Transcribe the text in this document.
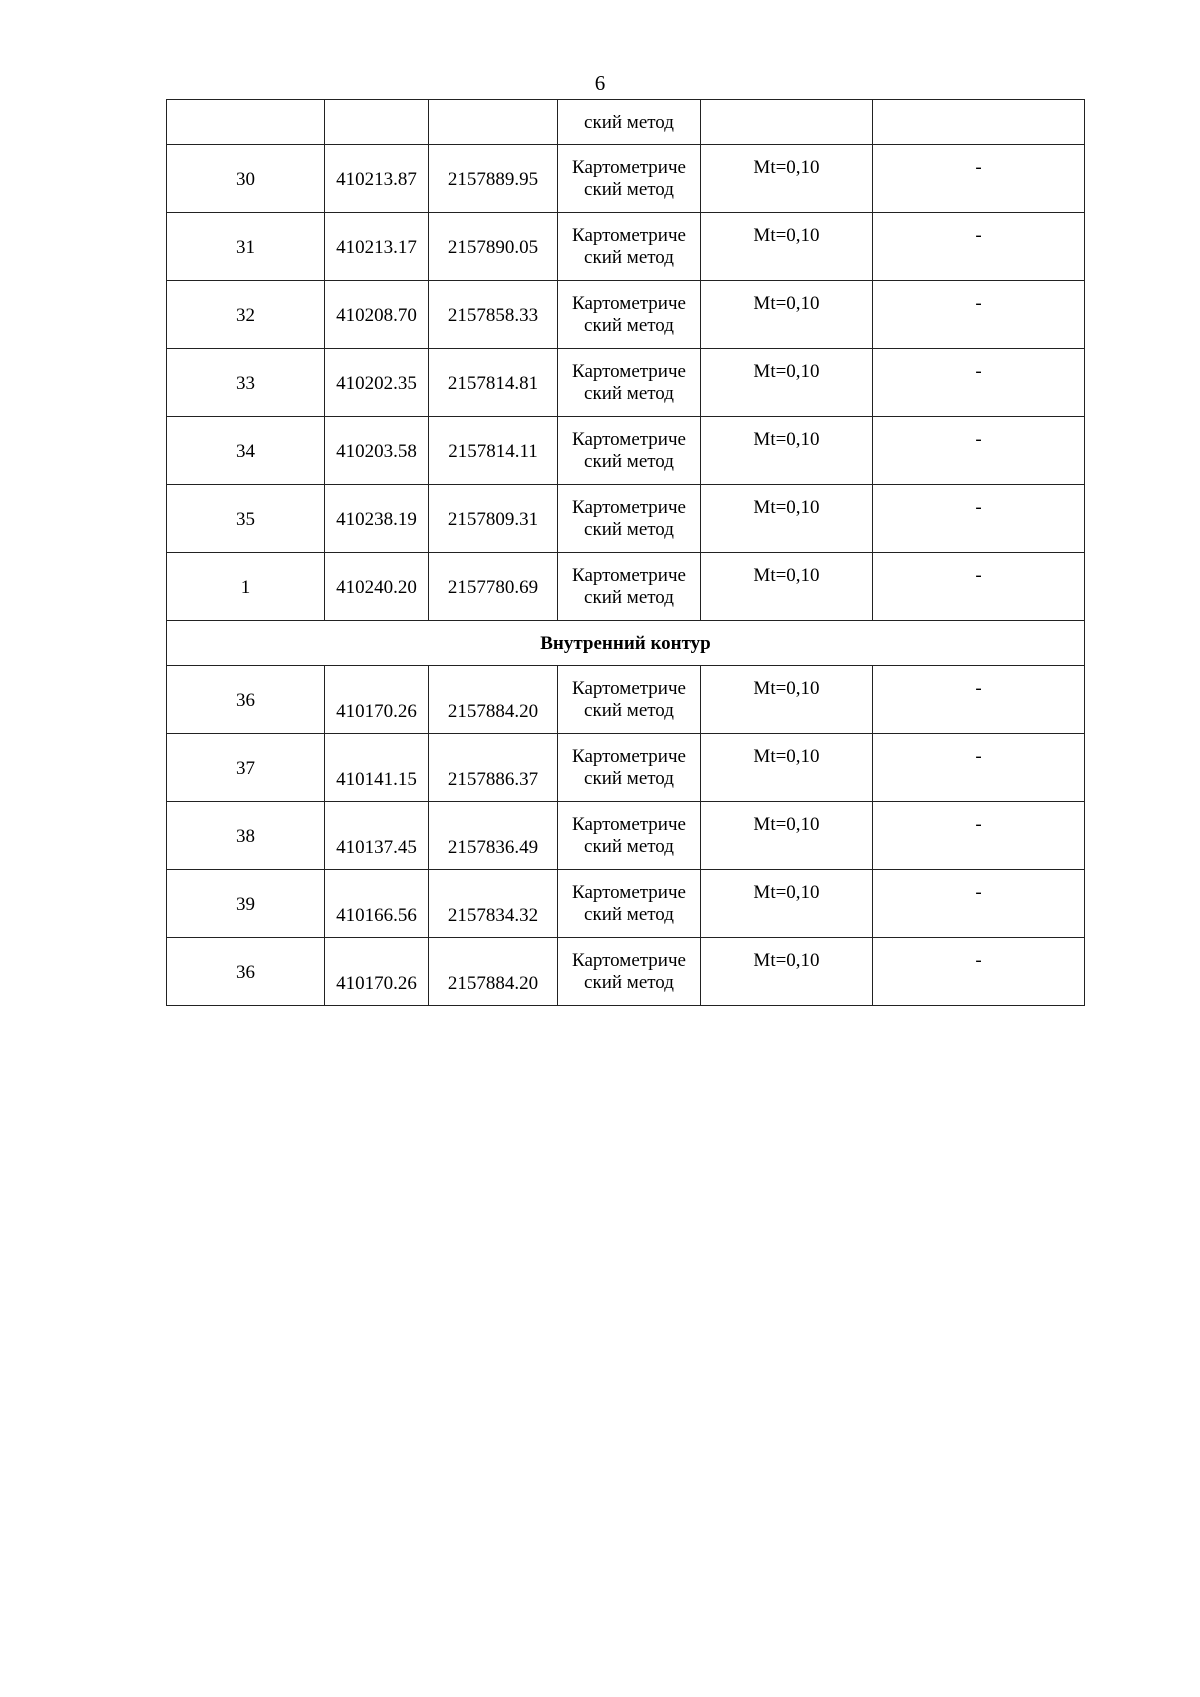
6

			ский метод		

30	410213.87	2157889.95	Картометриче
ский метод	Mt=0,10	-

31	410213.17	2157890.05	Картометриче
ский метод	Mt=0,10	-

32	410208.70	2157858.33	Картометриче
ский метод	Mt=0,10	-

33	410202.35	2157814.81	Картометриче
ский метод	Mt=0,10	-

34	410203.58	2157814.11	Картометриче
ский метод	Mt=0,10	-

35	410238.19	2157809.31	Картометриче
ский метод	Mt=0,10	-

1	410240.20	2157780.69	Картометриче
ский метод	Mt=0,10	-

Внутренний контур					

36	410170.26	2157884.20	Картометриче
ский метод	Mt=0,10	-

37	410141.15	2157886.37	Картометриче
ский метод	Mt=0,10	-

38	410137.45	2157836.49	Картометриче
ский метод	Mt=0,10	-

39	410166.56	2157834.32	Картометриче
ский метод	Mt=0,10	-

36	410170.26	2157884.20	Картометриче
ский метод	Mt=0,10	-
